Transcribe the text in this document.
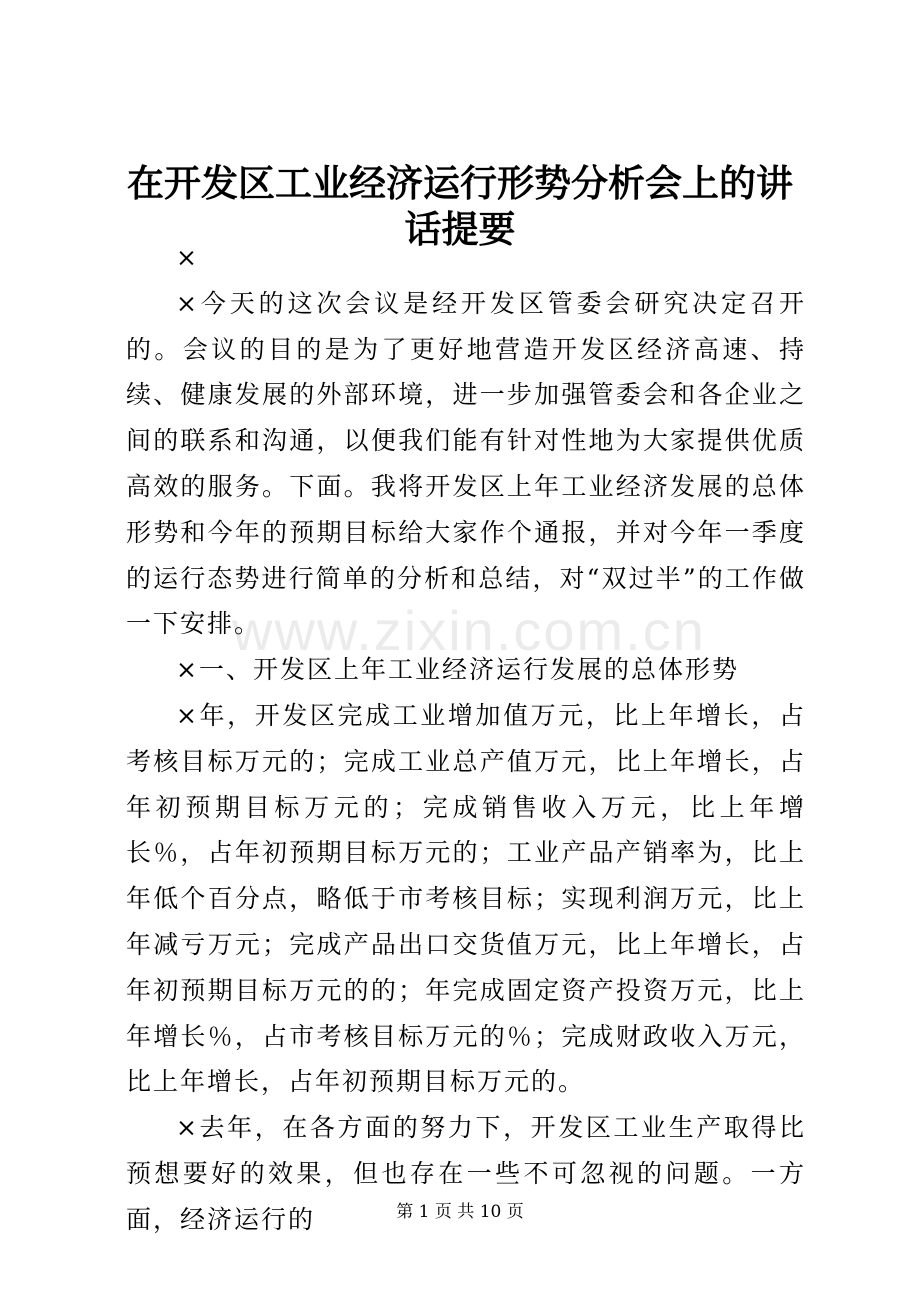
在开发区工业经济运行形势分析会上的讲话提要

×

×今天的这次会议是经开发区管委会研究决定召开的。会议的目的是为了更好地营造开发区经济高速、持续、健康发展的外部环境，进一步加强管委会和各企业之间的联系和沟通，以便我们能有针对性地为大家提供优质高效的服务。下面。我将开发区上年工业经济发展的总体形势和今年的预期目标给大家作个通报，并对今年一季度的运行态势进行简单的分析和总结，对“双过半”的工作做一下安排。

×一、开发区上年工业经济运行发展的总体形势

×年，开发区完成工业增加值万元，比上年增长，占考核目标万元的；完成工业总产值万元，比上年增长，占年初预期目标万元的；完成销售收入万元，比上年增长％，占年初预期目标万元的；工业产品产销率为，比上年低个百分点，略低于市考核目标；实现利润万元，比上年减亏万元；完成产品出口交货值万元，比上年增长，占年初预期目标万元的的；年完成固定资产投资万元，比上年增长％，占市考核目标万元的％；完成财政收入万元，比上年增长，占年初预期目标万元的。

×去年，在各方面的努力下，开发区工业生产取得比预想要好的效果，但也存在一些不可忽视的问题。一方面，经济运行的

www.zixin.com.cn
第 1 页 共 10 页
